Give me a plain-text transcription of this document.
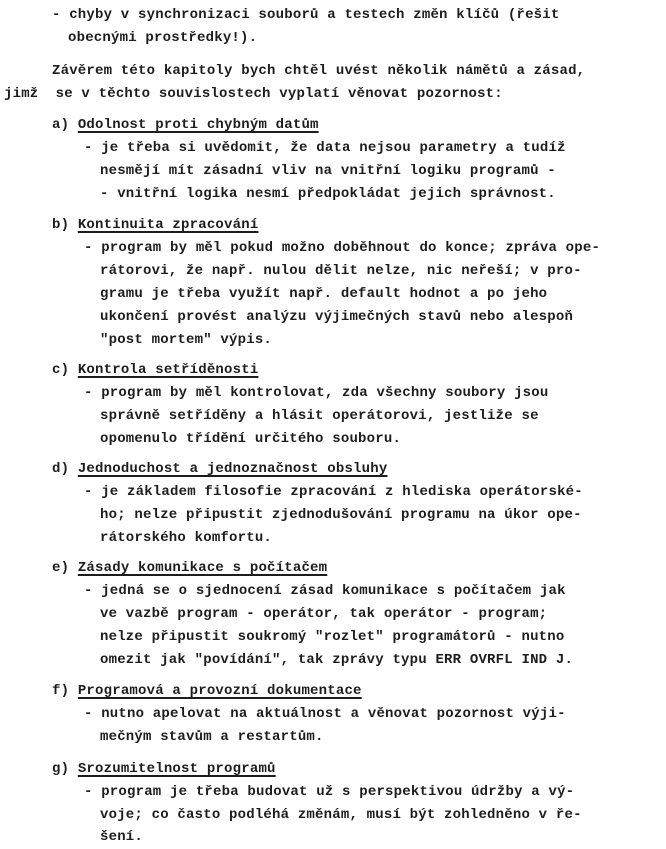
- chyby v synchronizaci souborů a testech změn klíčů (řešit
obecnými prostředky!).
Závěrem této kapitoly bych chtěl uvést několik námětů a zásad,
jimž  se v těchto souvislostech vyplatí věnovat pozornost:
a) Odolnost proti chybným datům
- je třeba si uvědomit, že data nejsou parametry a tudíž
nesmějí mít zásadní vliv na vnitřní logiku programů -
- vnitřní logika nesmí předpokládat jejich správnost.
b) Kontinuita zpracování
- program by měl pokud možno doběhnout do konce; zpráva ope-
rátorovi, že např. nulou dělit nelze, nic neřeší; v pro-
gramu je třeba využít např. default hodnot a po jeho
ukončení provést analýzu výjimečných stavů nebo alespoň
"post mortem" výpis.
c) Kontrola setříděnosti
- program by měl kontrolovat, zda všechny soubory jsou
správně setříděny a hlásit operátorovi, jestliže se
opomenulo třídění určitého souboru.
d) Jednoduchost a jednoznačnost obsluhy
- je základem filosofie zpracování z hlediska operátorské-
ho; nelze připustit zjednodušování programu na úkor ope-
rátorského komfortu.
e) Zásady komunikace s počítačem
- jedná se o sjednocení zásad komunikace s počítačem jak
ve vazbě program - operátor, tak operátor - program;
nelze připustit soukromý "rozlet" programátorů - nutno
omezit jak "povídání", tak zprávy typu ERR OVRFL IND J.
f) Programová a provozní dokumentace
- nutno apelovat na aktuálnost a věnovat pozornost výji-
mečným stavům a restartům.
g) Srozumitelnost programů
- program je třeba budovat už s perspektivou údržby a vý-
voje; co často podléhá změnám, musí být zohledněno v ře-
šení.
